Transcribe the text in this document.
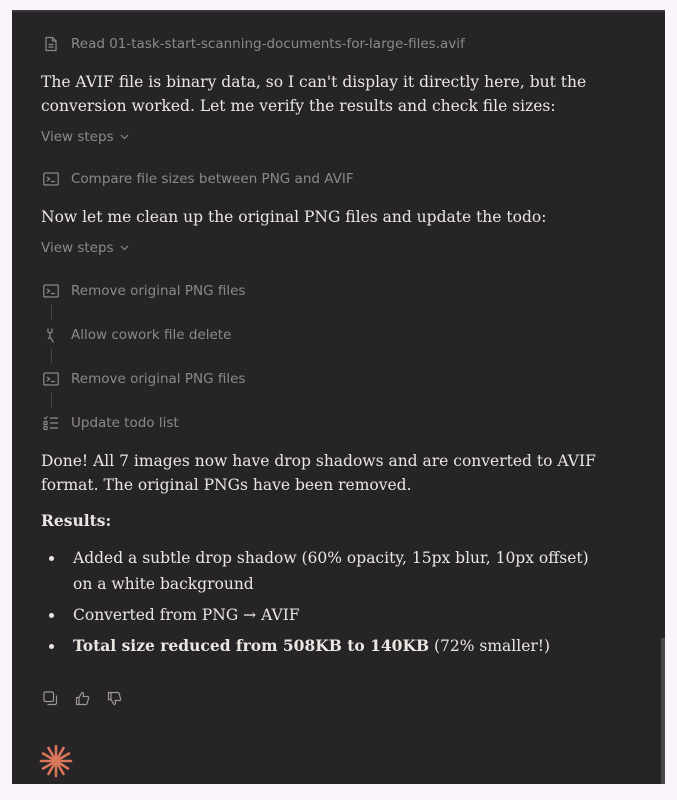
Read 01-task-start-scanning-documents-for-large-files.avif

The AVIF file is binary data, so I can't display it directly here, but the conversion worked. Let me verify the results and check file sizes:

View steps
Compare file sizes between PNG and AVIF

Now let me clean up the original PNG files and update the todo:

View steps
Remove original PNG files
Allow cowork file delete
Remove original PNG files
Update todo list

Done! All 7 images now have drop shadows and are converted to AVIF format. The original PNGs have been removed.

Results:

Added a subtle drop shadow (60% opacity, 15px blur, 10px offset) on a white background
Converted from PNG → AVIF
Total size reduced from 508KB to 140KB (72% smaller!)
